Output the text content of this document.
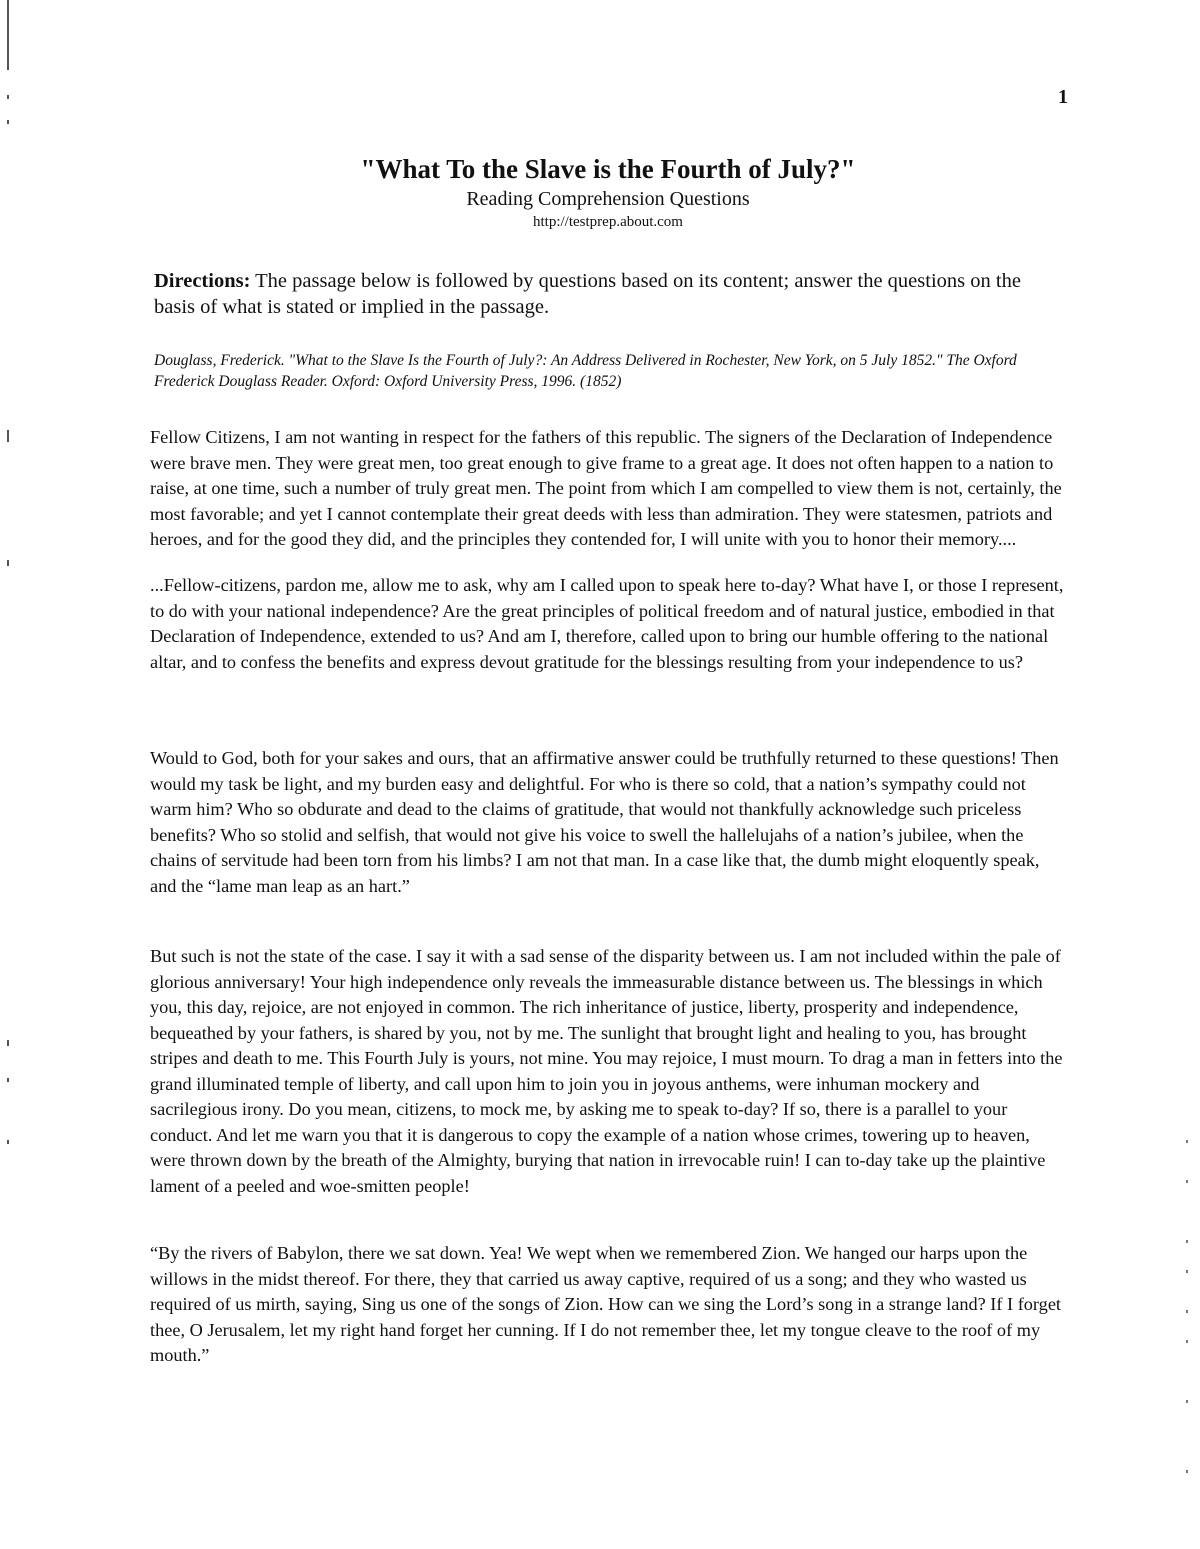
1
"What To the Slave is the Fourth of July?"

Reading Comprehension Questions

http://testprep.about.com

Directions: The passage below is followed by questions based on its content; answer the questions on the basis of what is stated or implied in the passage.
Douglass, Frederick. "What to the Slave Is the Fourth of July?: An Address Delivered in Rochester, New York, on 5 July 1852." The Oxford Frederick Douglass Reader. Oxford: Oxford University Press, 1996. (1852)

Fellow Citizens, I am not wanting in respect for the fathers of this republic. The signers of the Declaration of Independence were brave men. They were great men, too great enough to give frame to a great age. It does not often happen to a nation to raise, at one time, such a number of truly great men. The point from which I am compelled to view them is not, certainly, the most favorable; and yet I cannot contemplate their great deeds with less than admiration. They were statesmen, patriots and heroes, and for the good they did, and the principles they contended for, I will unite with you to honor their memory....

...Fellow-citizens, pardon me, allow me to ask, why am I called upon to speak here to-day? What have I, or those I represent, to do with your national independence? Are the great principles of political freedom and of natural justice, embodied in that Declaration of Independence, extended to us? And am I, therefore, called upon to bring our humble offering to the national altar, and to confess the benefits and express devout gratitude for the blessings resulting from your independence to us?

Would to God, both for your sakes and ours, that an affirmative answer could be truthfully returned to these questions! Then would my task be light, and my burden easy and delightful. For who is there so cold, that a nation’s sympathy could not warm him? Who so obdurate and dead to the claims of gratitude, that would not thankfully acknowledge such priceless benefits? Who so stolid and selfish, that would not give his voice to swell the hallelujahs of a nation’s jubilee, when the chains of servitude had been torn from his limbs? I am not that man. In a case like that, the dumb might eloquently speak, and the “lame man leap as an hart.”

But such is not the state of the case. I say it with a sad sense of the disparity between us. I am not included within the pale of glorious anniversary! Your high independence only reveals the immeasurable distance between us. The blessings in which you, this day, rejoice, are not enjoyed in common. The rich inheritance of justice, liberty, prosperity and independence, bequeathed by your fathers, is shared by you, not by me. The sunlight that brought light and healing to you, has brought stripes and death to me. This Fourth July is yours, not mine. You may rejoice, I must mourn. To drag a man in fetters into the grand illuminated temple of liberty, and call upon him to join you in joyous anthems, were inhuman mockery and sacrilegious irony. Do you mean, citizens, to mock me, by asking me to speak to-day? If so, there is a parallel to your conduct. And let me warn you that it is dangerous to copy the example of a nation whose crimes, towering up to heaven, were thrown down by the breath of the Almighty, burying that nation in irrevocable ruin! I can to-day take up the plaintive lament of a peeled and woe-smitten people!

“By the rivers of Babylon, there we sat down. Yea! We wept when we remembered Zion. We hanged our harps upon the willows in the midst thereof. For there, they that carried us away captive, required of us a song; and they who wasted us required of us mirth, saying, Sing us one of the songs of Zion. How can we sing the Lord’s song in a strange land? If I forget thee, O Jerusalem, let my right hand forget her cunning. If I do not remember thee, let my tongue cleave to the roof of my mouth.”
